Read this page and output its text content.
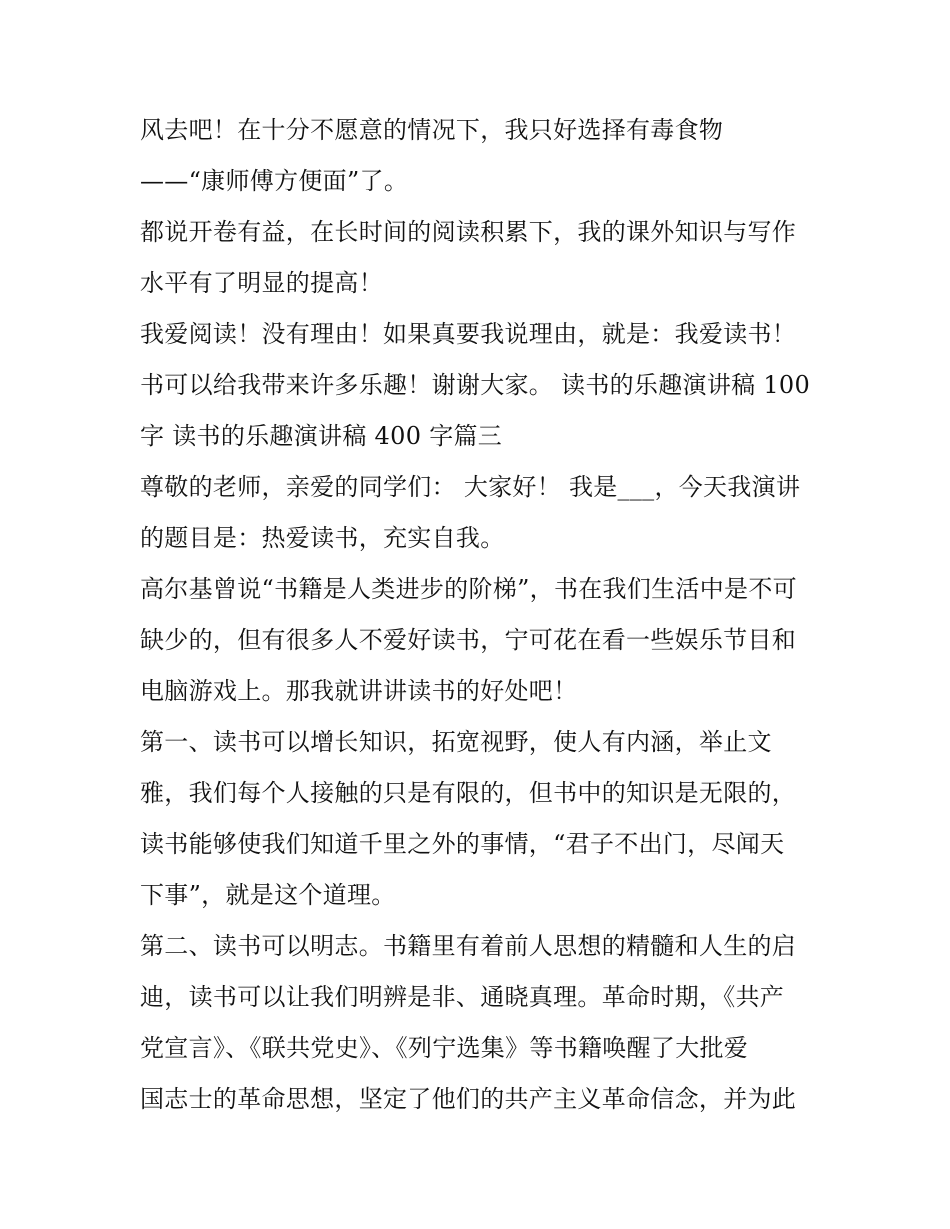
风去吧！在十分不愿意的情况下，我只好选择有毒食物
——“康师傅方便面”了。
都说开卷有益，在长时间的阅读积累下，我的课外知识与写作
水平有了明显的提高！
我爱阅读！没有理由！如果真要我说理由，就是：我爱读书！
书可以给我带来许多乐趣！谢谢大家。 读书的乐趣演讲稿 100
字 读书的乐趣演讲稿 400 字篇三
尊敬的老师，亲爱的同学们： 大家好！ 我是___，今天我演讲
的题目是：热爱读书，充实自我。
高尔基曾说“书籍是人类进步的阶梯”，书在我们生活中是不可
缺少的，但有很多人不爱好读书，宁可花在看一些娱乐节目和
电脑游戏上。那我就讲讲读书的好处吧！
第一、读书可以增长知识，拓宽视野，使人有内涵，举止文
雅，我们每个人接触的只是有限的，但书中的知识是无限的，
读书能够使我们知道千里之外的事情，“君子不出门，尽闻天
下事”，就是这个道理。
第二、读书可以明志。书籍里有着前人思想的精髓和人生的启
迪，读书可以让我们明辨是非、通晓真理。革命时期，《共产
党宣言》、《联共党史》、《列宁选集》等书籍唤醒了大批爱
国志士的革命思想，坚定了他们的共产主义革命信念，并为此
